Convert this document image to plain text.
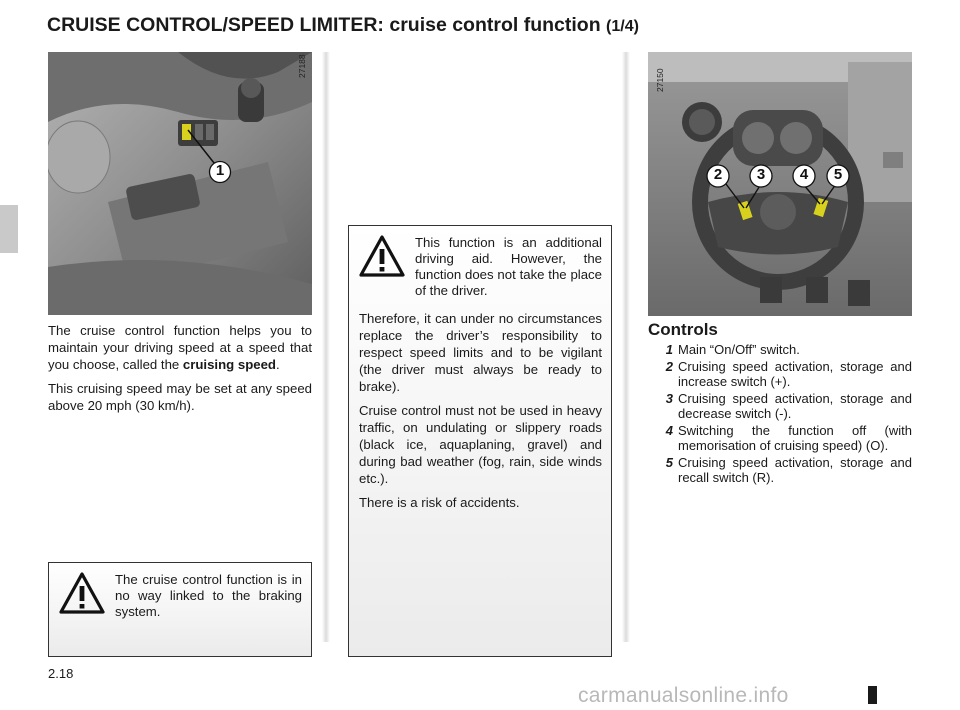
CRUISE CONTROL/SPEED LIMITER: cruise control function (1/4)
1
27188

The cruise control function helps you to maintain your driving speed at a speed that you choose, called the cruising speed.

This cruising speed may be set at any speed above 20 mph (30 km/h).

The cruise control function is in no way linked to the braking system.

This function is an additional driving aid. However, the function does not take the place of the driver.

Therefore, it can under no circumstances replace the driver’s responsibility to respect speed limits and to be vigilant (the driver must always be ready to brake).

Cruise control must not be used in heavy traffic, on undulating or slippery roads (black ice, aquaplaning, gravel) and during bad weather (fog, rain, side winds etc.).

There is a risk of accidents.

2	3	4	5
27150
Controls
1 Main “On/Off” switch.
2 Cruising speed activation, storage and increase switch (+).
3 Cruising speed activation, storage and decrease switch (-).
4 Switching the function off (with memorisation of cruising speed) (O).
5 Cruising speed activation, storage and recall switch (R).
2.18
carmanualsonline.info
